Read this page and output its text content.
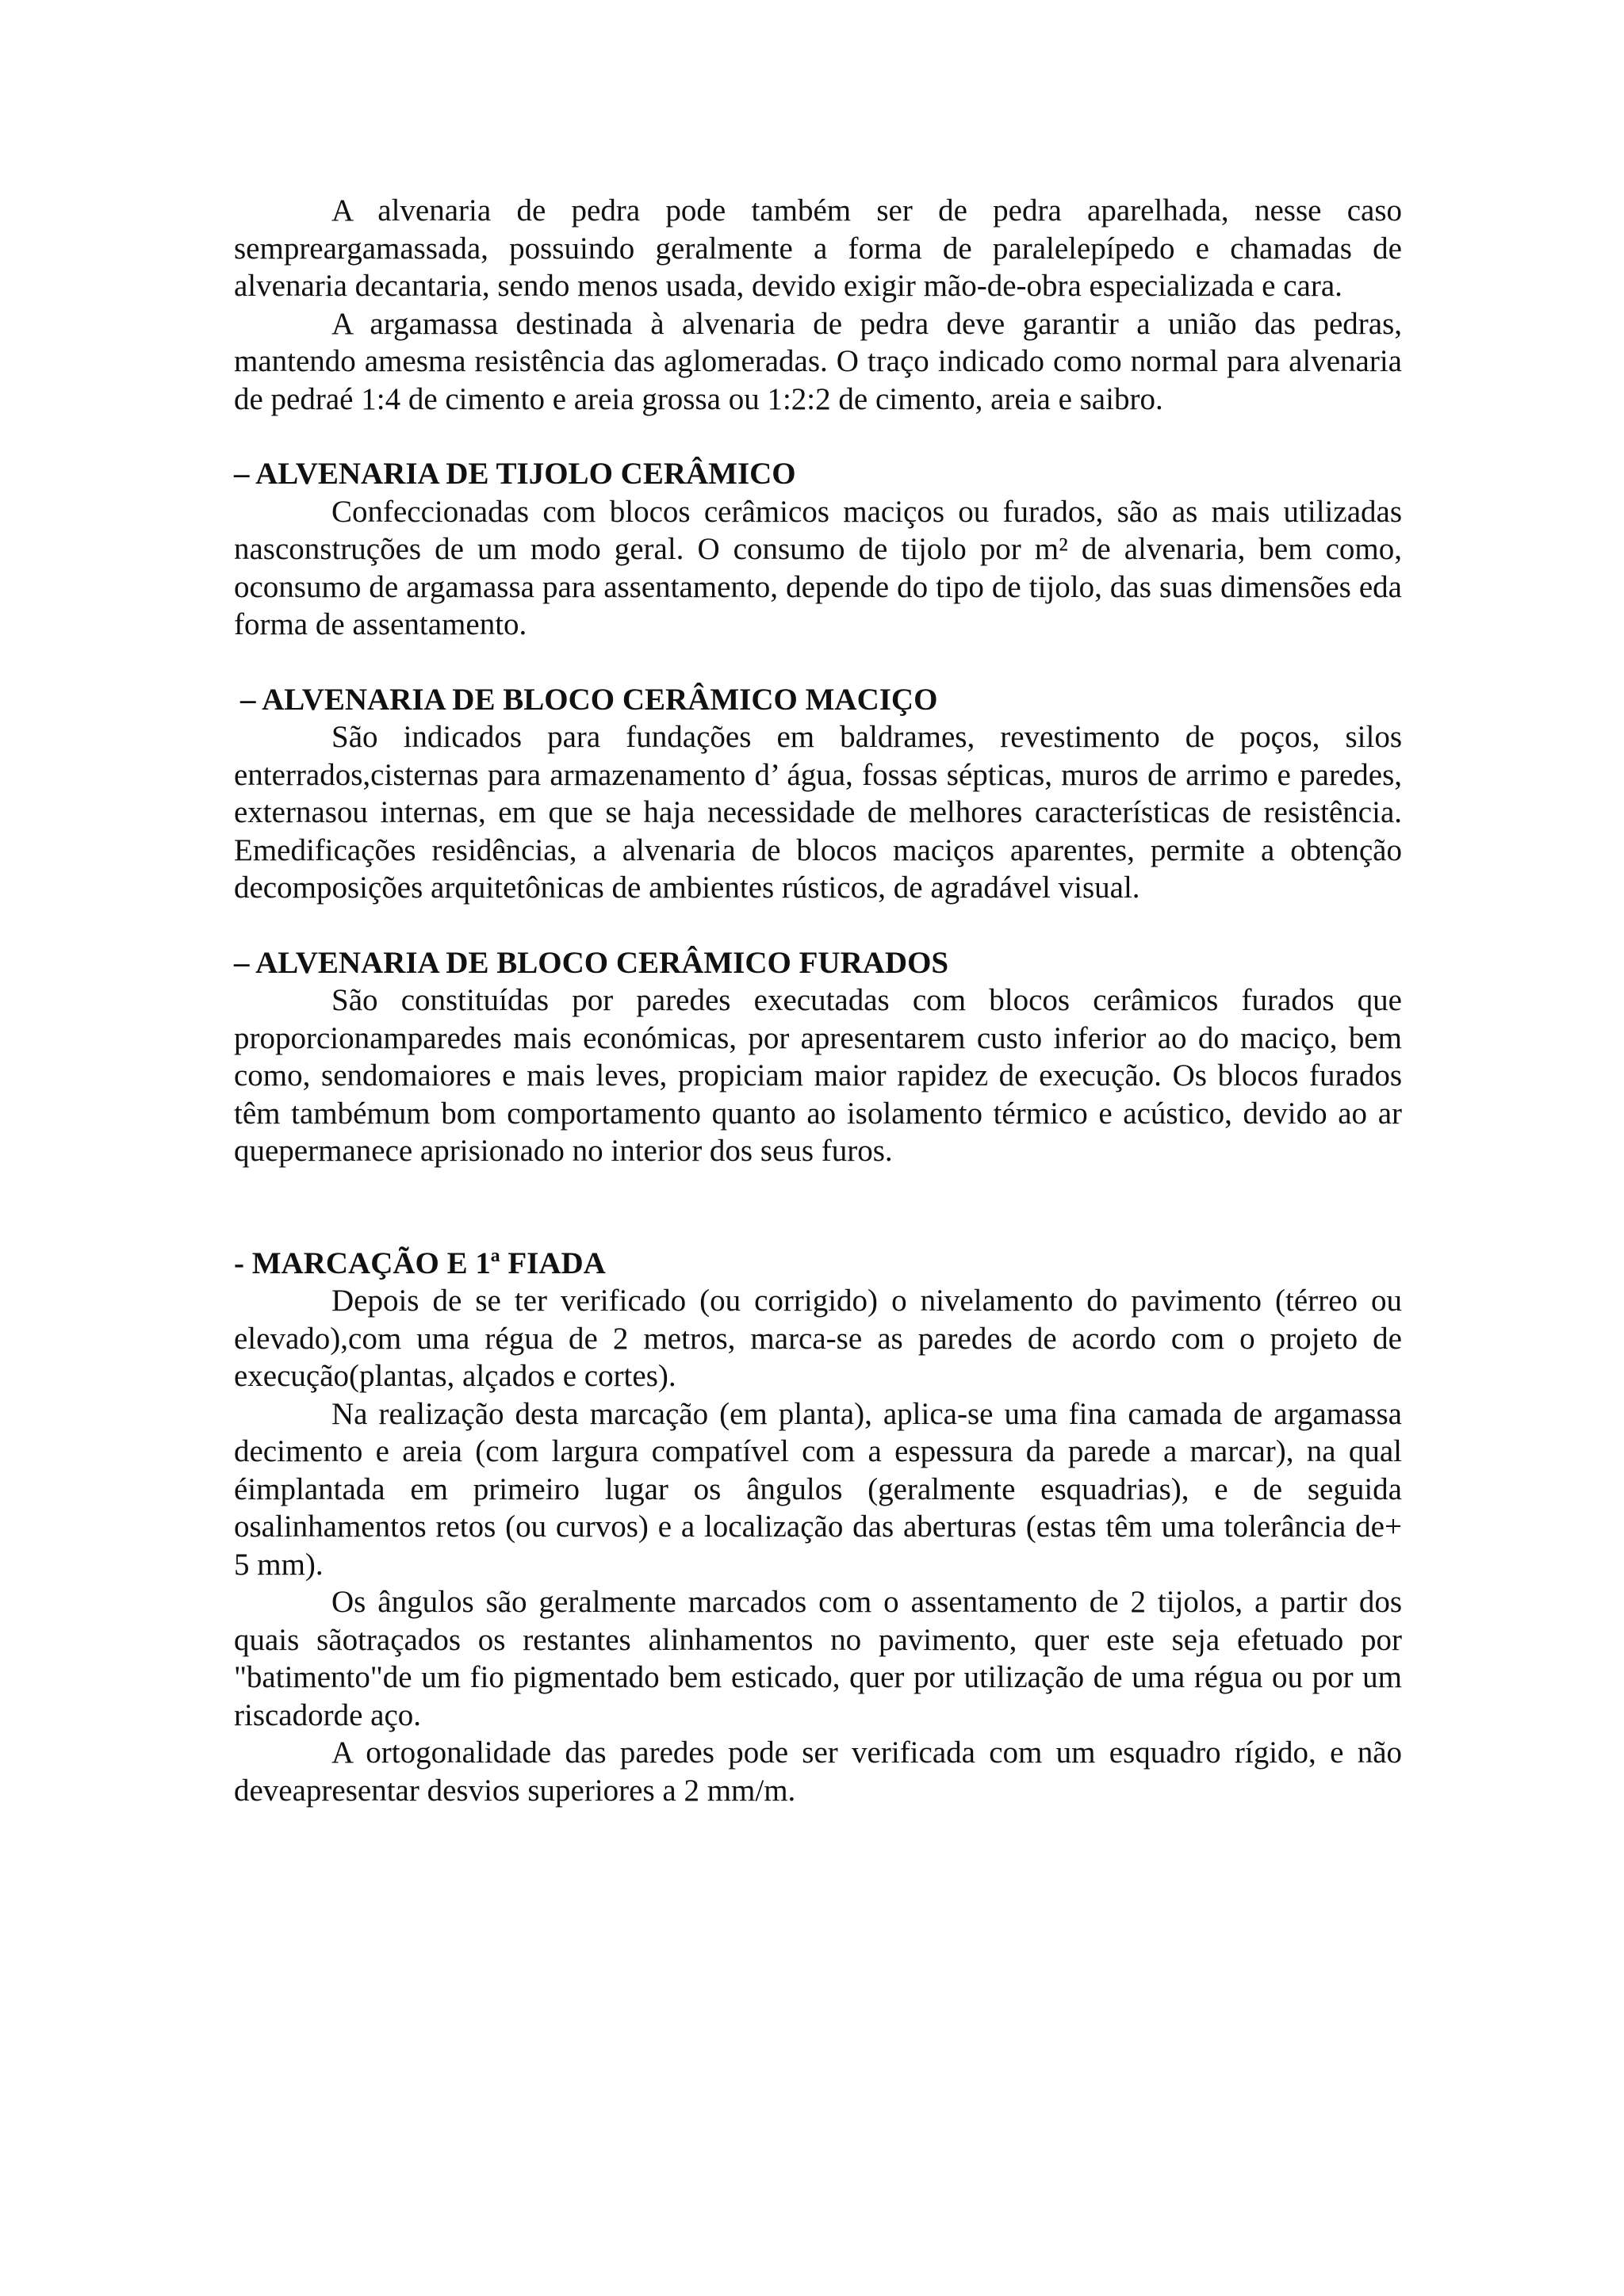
A alvenaria de pedra pode também ser de pedra aparelhada, nesse caso sempreargamassada, possuindo geralmente a forma de paralelepípedo e chamadas de alvenaria decantaria, sendo menos usada, devido exigir mão-de-obra especializada e cara.

A argamassa destinada à alvenaria de pedra deve garantir a união das pedras, mantendo amesma resistência das aglomeradas. O traço indicado como normal para alvenaria de pedraé 1:4 de cimento e areia grossa ou 1:2:2 de cimento, areia e saibro.

– ALVENARIA DE TIJOLO CERÂMICO

Confeccionadas com blocos cerâmicos maciços ou furados, são as mais utilizadas nasconstruções de um modo geral. O consumo de tijolo por m² de alvenaria, bem como, oconsumo de argamassa para assentamento, depende do tipo de tijolo, das suas dimensões eda forma de assentamento.

– ALVENARIA DE BLOCO CERÂMICO MACIÇO

São indicados para fundações em baldrames, revestimento de poços, silos enterrados,cisternas para armazenamento d’ água, fossas sépticas, muros de arrimo e paredes, externasou internas, em que se haja necessidade de melhores características de resistência. Emedificações residências, a alvenaria de blocos maciços aparentes, permite a obtenção decomposições arquitetônicas de ambientes rústicos, de agradável visual.

– ALVENARIA DE BLOCO CERÂMICO FURADOS

São constituídas por paredes executadas com blocos cerâmicos furados que proporcionamparedes mais económicas, por apresentarem custo inferior ao do maciço, bem como, sendomaiores e mais leves, propiciam maior rapidez de execução. Os blocos furados têm tambémum bom comportamento quanto ao isolamento térmico e acústico, devido ao ar quepermanece aprisionado no interior dos seus furos.

- MARCAÇÃO E 1ª FIADA

Depois de se ter verificado (ou corrigido) o nivelamento do pavimento (térreo ou elevado),com uma régua de 2 metros, marca-se as paredes de acordo com o projeto de execução(plantas, alçados e cortes).

Na realização desta marcação (em planta), aplica-se uma fina camada de argamassa decimento e areia (com largura compatível com a espessura da parede a marcar), na qual éimplantada em primeiro lugar os ângulos (geralmente esquadrias), e de seguida osalinhamentos retos (ou curvos) e a localização das aberturas (estas têm uma tolerância de+ 5 mm).

Os ângulos são geralmente marcados com o assentamento de 2 tijolos, a partir dos quais sãotraçados os restantes alinhamentos no pavimento, quer este seja efetuado por "batimento"de um fio pigmentado bem esticado, quer por utilização de uma régua ou por um riscadorde aço.

A ortogonalidade das paredes pode ser verificada com um esquadro rígido, e não deveapresentar desvios superiores a 2 mm/m.
